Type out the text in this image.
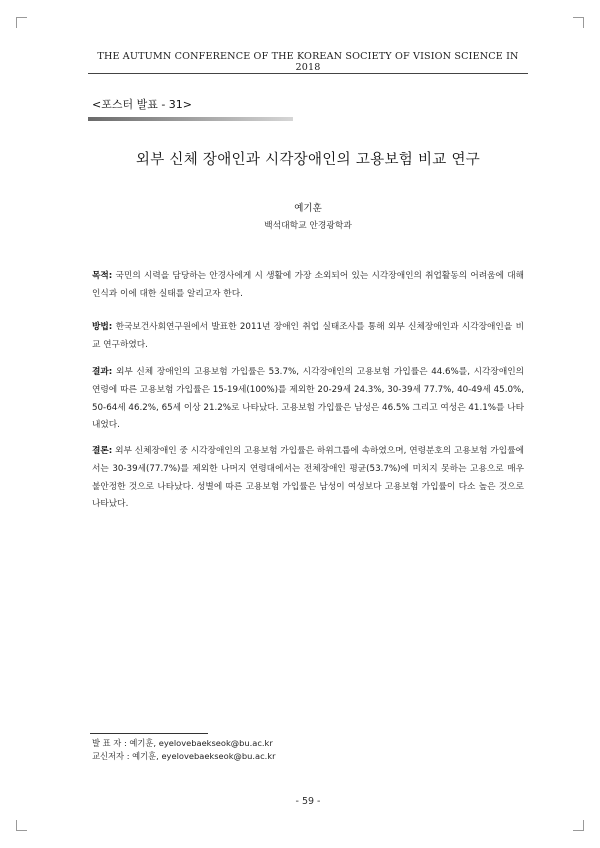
THE AUTUMN CONFERENCE OF THE KOREAN SOCIETY OF VISION SCIENCE IN 2018
<포스터 발표 - 31>
외부 신체 장애인과 시각장애인의 고용보험 비교 연구
예기훈
백석대학교 안경광학과

목적: 국민의 시력을 담당하는 안경사에게 시 생활에 가장 소외되어 있는 시각장애인의 취업활동의 어려움에 대해 인식과 이에 대한 실태를 알리고자 한다.

방법: 한국보건사회연구원에서 발표한 2011년 장애인 취업 실태조사를 통해 외부 신체장애인과 시각장애인을 비교 연구하였다.

결과: 외부 신체 장애인의 고용보험 가입률은 53.7%, 시각장애인의 고용보험 가입률은 44.6%를, 시각장애인의 연령에 따른 고용보험 가입률은 15-19세(100%)를 제외한 20-29세 24.3%, 30-39세 77.7%, 40-49세 45.0%, 50-64세 46.2%, 65세 이상 21.2%로 나타났다. 고용보험 가입률은 남성은 46.5% 그리고 여성은 41.1%를 나타내었다.

결론: 외부 신체장애인 중 시각장애인의 고용보험 가입률은 하위그룹에 속하였으며, 연령분호의 고용보험 가입률에서는 30-39세(77.7%)를 제외한 나머지 연령대에서는 전체장애인 평균(53.7%)에 미치지 못하는 고용으로 매우 불안정한 것으로 나타났다. 성별에 따른 고용보험 가입률은 남성이 여성보다 고용보험 가입률이 다소 높은 것으로 나타났다.

발 표 자 : 예기훈, eyelovebaekseok@bu.ac.kr
교신저자 : 예기훈, eyelovebaekseok@bu.ac.kr
- 59 -
